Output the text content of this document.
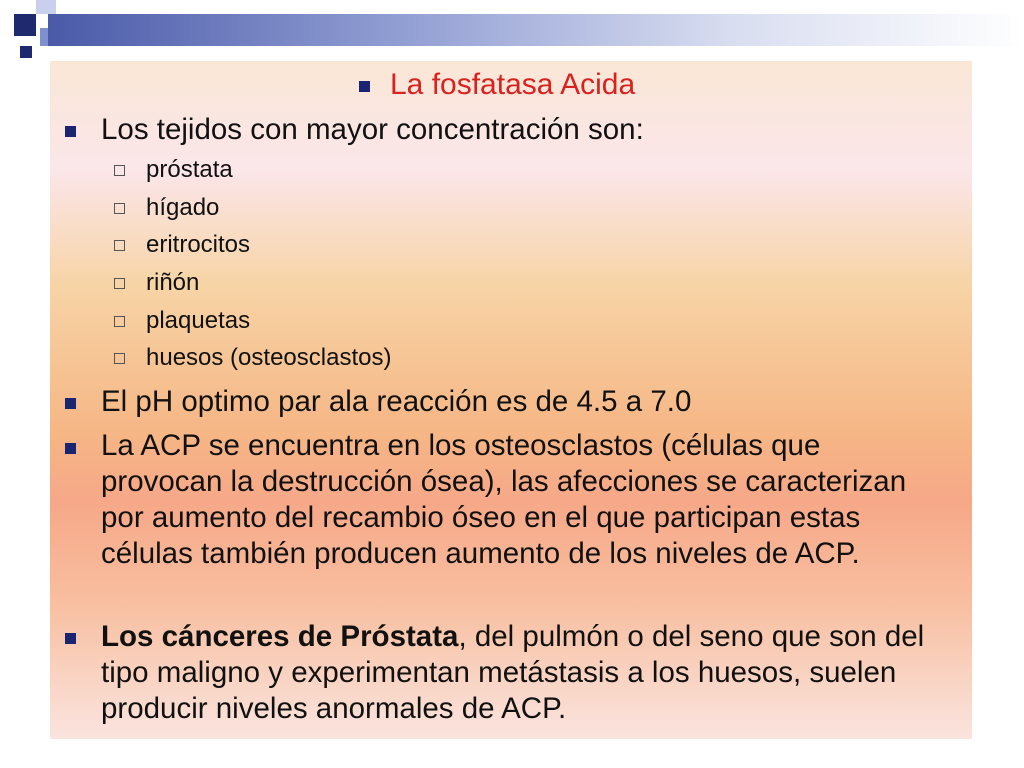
La fosfatasa Acida
Los tejidos con mayor concentración son:
próstata
hígado
eritrocitos
riñón
plaquetas
huesos (osteosclastos)
El pH optimo par ala reacción es de 4.5 a 7.0
La ACP se encuentra en los osteosclastos (células que provocan la destrucción ósea), las afecciones se caracterizan por aumento del recambio óseo en el que participan estas células también producen aumento de los niveles de ACP.
Los cánceres de Próstata, del pulmón o del seno que son del tipo maligno y experimentan metástasis a los huesos, suelen producir niveles anormales de ACP.
